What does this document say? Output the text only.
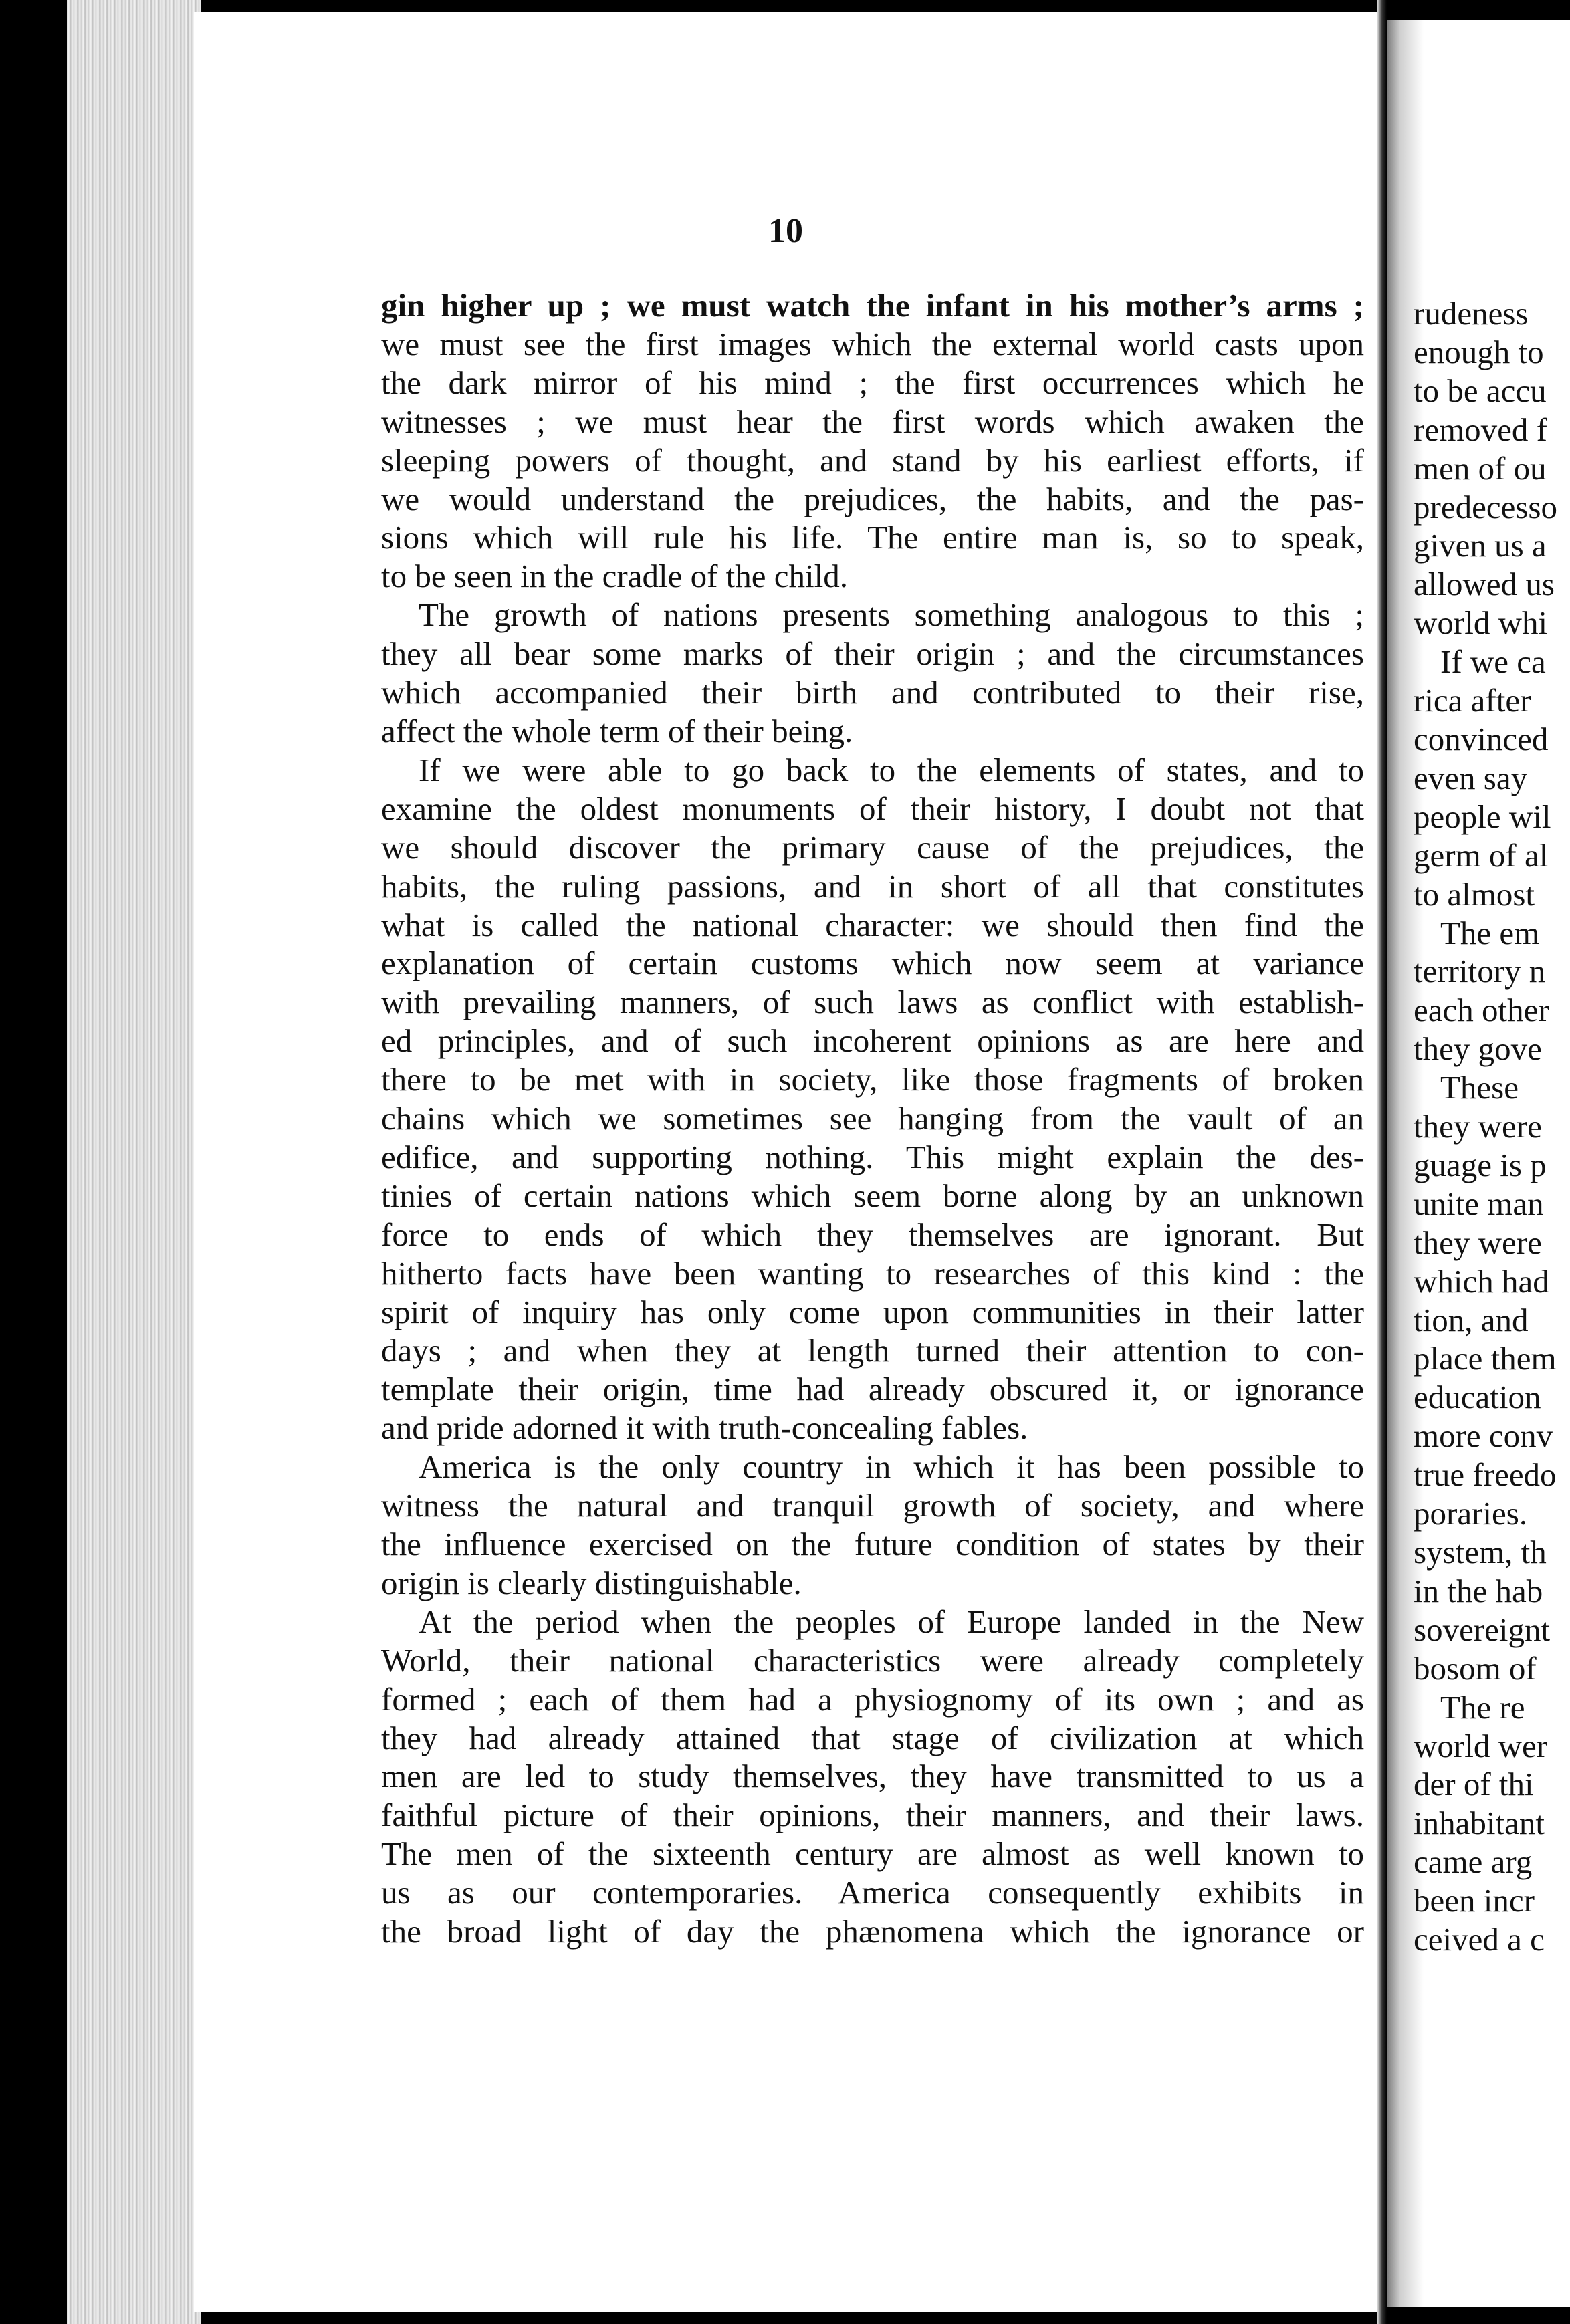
10
gin higher up ; we must watch the infant in his mother’s arms ;
we must see the first images which the external world casts upon
the dark mirror of his mind ; the first occurrences which he
witnesses ; we must hear the first words which awaken the
sleeping powers of thought, and stand by his earliest efforts, if
we would understand the prejudices, the habits, and the pas-
sions which will rule his life. The entire man is, so to speak,
to be seen in the cradle of the child.
The growth of nations presents something analogous to this ;
they all bear some marks of their origin ; and the circumstances
which accompanied their birth and contributed to their rise,
affect the whole term of their being.
If we were able to go back to the elements of states, and to
examine the oldest monuments of their history, I doubt not that
we should discover the primary cause of the prejudices, the
habits, the ruling passions, and in short of all that constitutes
what is called the national character: we should then find the
explanation of certain customs which now seem at variance
with prevailing manners, of such laws as conflict with establish-
ed principles, and of such incoherent opinions as are here and
there to be met with in society, like those fragments of broken
chains which we sometimes see hanging from the vault of an
edifice, and supporting nothing. This might explain the des-
tinies of certain nations which seem borne along by an unknown
force to ends of which they themselves are ignorant. But
hitherto facts have been wanting to researches of this kind : the
spirit of inquiry has only come upon communities in their latter
days ; and when they at length turned their attention to con-
template their origin, time had already obscured it, or ignorance
and pride adorned it with truth-concealing fables.
America is the only country in which it has been possible to
witness the natural and tranquil growth of society, and where
the influence exercised on the future condition of states by their
origin is clearly distinguishable.
At the period when the peoples of Europe landed in the New
World, their national characteristics were already completely
formed ; each of them had a physiognomy of its own ; and as
they had already attained that stage of civilization at which
men are led to study themselves, they have transmitted to us a
faithful picture of their opinions, their manners, and their laws.
The men of the sixteenth century are almost as well known to
us as our contemporaries. America consequently exhibits in
the broad light of day the phænomena which the ignorance or
rudeness
enough to
to be accu
removed f
men of ou
predecesso
given us a
allowed us
world whi
If we ca
rica after
convinced
even say
people wil
germ of al
to almost
The em
territory n
each other
they gove
These
they were
guage is p
unite man
they were
which had
tion, and
place them
education
more conv
true freedo
poraries.
system, th
in the hab
sovereignt
bosom of
The re
world wer
der of thi
inhabitant
came arg
been incr
ceived a c
